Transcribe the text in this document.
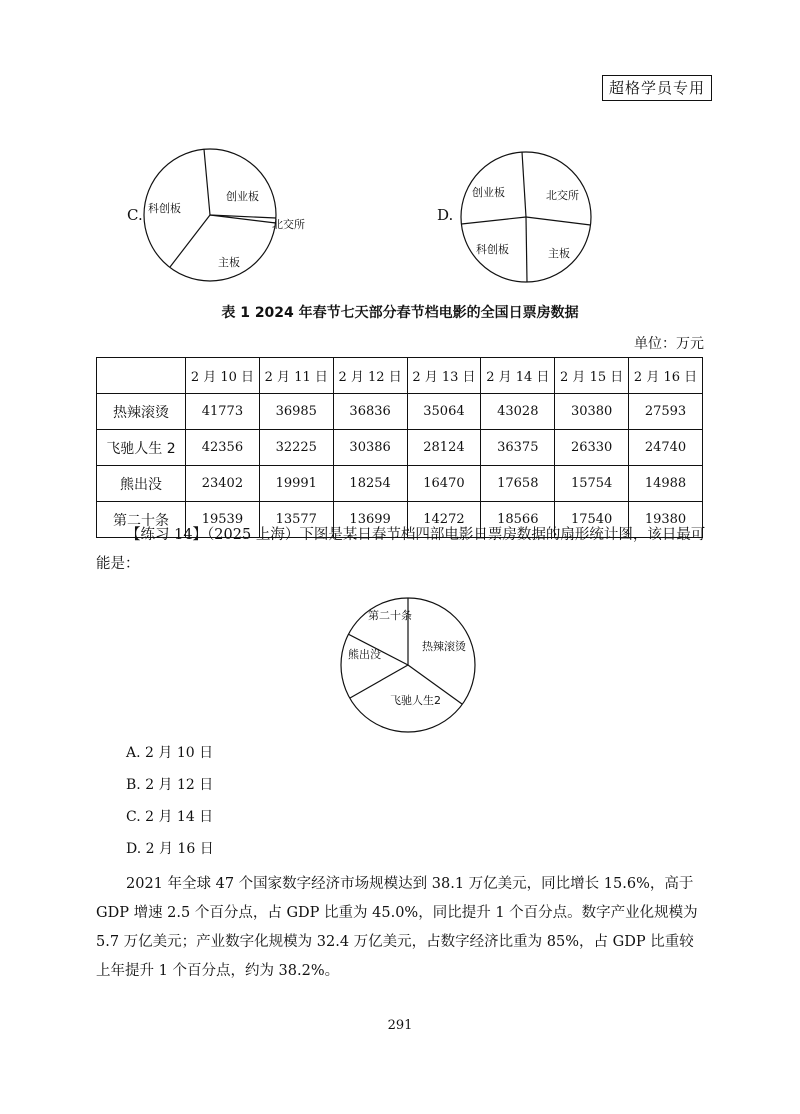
超格学员专用
C.
创业板
北交所
主板
科创板	D.
创业板	北交所
主板
科创板
表 1 2024 年春节七天部分春节档电影的全国日票房数据
单位：万元
	2 月 10 日	2 月 11 日	2 月 12 日	2 月 13 日	2 月 14 日	2 月 15 日	2 月 16 日
热辣滚烫	41773	36985	36836	35064	43028	30380	27593
飞驰人生 2	42356	32225	30386	28124	36375	26330	24740
熊出没	23402	19991	18254	16470	17658	15754	14988
第二十条	19539	13577	13699	14272	18566	17540	19380
【练习 14】（2025 上海）下图是某日春节档四部电影日票房数据的扇形统计图，该日最可能是：
第二十条
热辣滚烫
飞驰人生2
熊出没
A. 2 月 10 日
B. 2 月 12 日
C. 2 月 14 日
D. 2 月 16 日
2021 年全球 47 个国家数字经济市场规模达到 38.1 万亿美元，同比增长 15.6%，高于 GDP 增速 2.5 个百分点，占 GDP 比重为 45.0%，同比提升 1 个百分点。数字产业化规模为 5.7 万亿美元；产业数字化规模为 32.4 万亿美元，占数字经济比重为 85%，占 GDP 比重较上年提升 1 个百分点，约为 38.2%。
291
